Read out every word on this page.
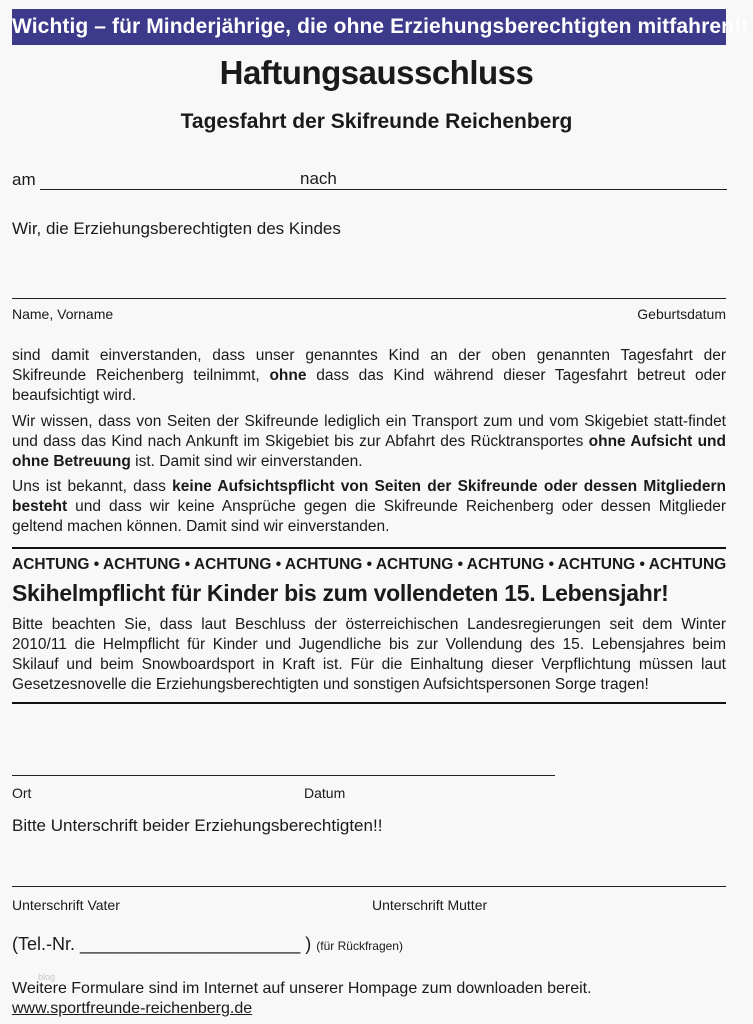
Wichtig – für Minderjährige, die ohne Erziehungsberechtigten mitfahren!!
Haftungsausschluss
Tagesfahrt der Skifreunde Reichenberg
am	nach
Wir, die Erziehungsberechtigten des Kindes
Name, Vorname	Geburtsdatum
sind damit einverstanden, dass unser genanntes Kind an der oben genannten Tagesfahrt der Skifreunde Reichenberg teilnimmt, ohne dass das Kind während dieser Tagesfahrt betreut oder beaufsichtigt wird.
Wir wissen, dass von Seiten der Skifreunde lediglich ein Transport zum und vom Skigebiet statt-findet und dass das Kind nach Ankunft im Skigebiet bis zur Abfahrt des Rücktransportes ohne Aufsicht und ohne Betreuung ist. Damit sind wir einverstanden.
Uns ist bekannt, dass keine Aufsichtspflicht von Seiten der Skifreunde oder dessen Mitgliedern besteht und dass wir keine Ansprüche gegen die Skifreunde Reichenberg oder dessen Mitglieder geltend machen können. Damit sind wir einverstanden.
ACHTUNG • ACHTUNG • ACHTUNG • ACHTUNG • ACHTUNG • ACHTUNG • ACHTUNG • ACHTUNG
Skihelmpflicht für Kinder bis zum vollendeten 15. Lebensjahr!
Bitte beachten Sie, dass laut Beschluss der österreichischen Landesregierungen seit dem Winter 2010/11 die Helmpflicht für Kinder und Jugendliche bis zur Vollendung des 15. Lebensjahres beim Skilauf und beim Snowboardsport in Kraft ist. Für die Einhaltung dieser Verpflichtung müssen laut Gesetzesnovelle die Erziehungsberechtigten und sonstigen Aufsichtspersonen Sorge tragen!
Ort	Datum
Bitte Unterschrift beider Erziehungsberechtigten!!
Unterschrift Vater	Unterschrift Mutter
(Tel.-Nr. ______________________ ) (für Rückfragen)
blog
Weitere Formulare sind im Internet auf unserer Hompage zum downloaden bereit.
www.sportfreunde-reichenberg.de
